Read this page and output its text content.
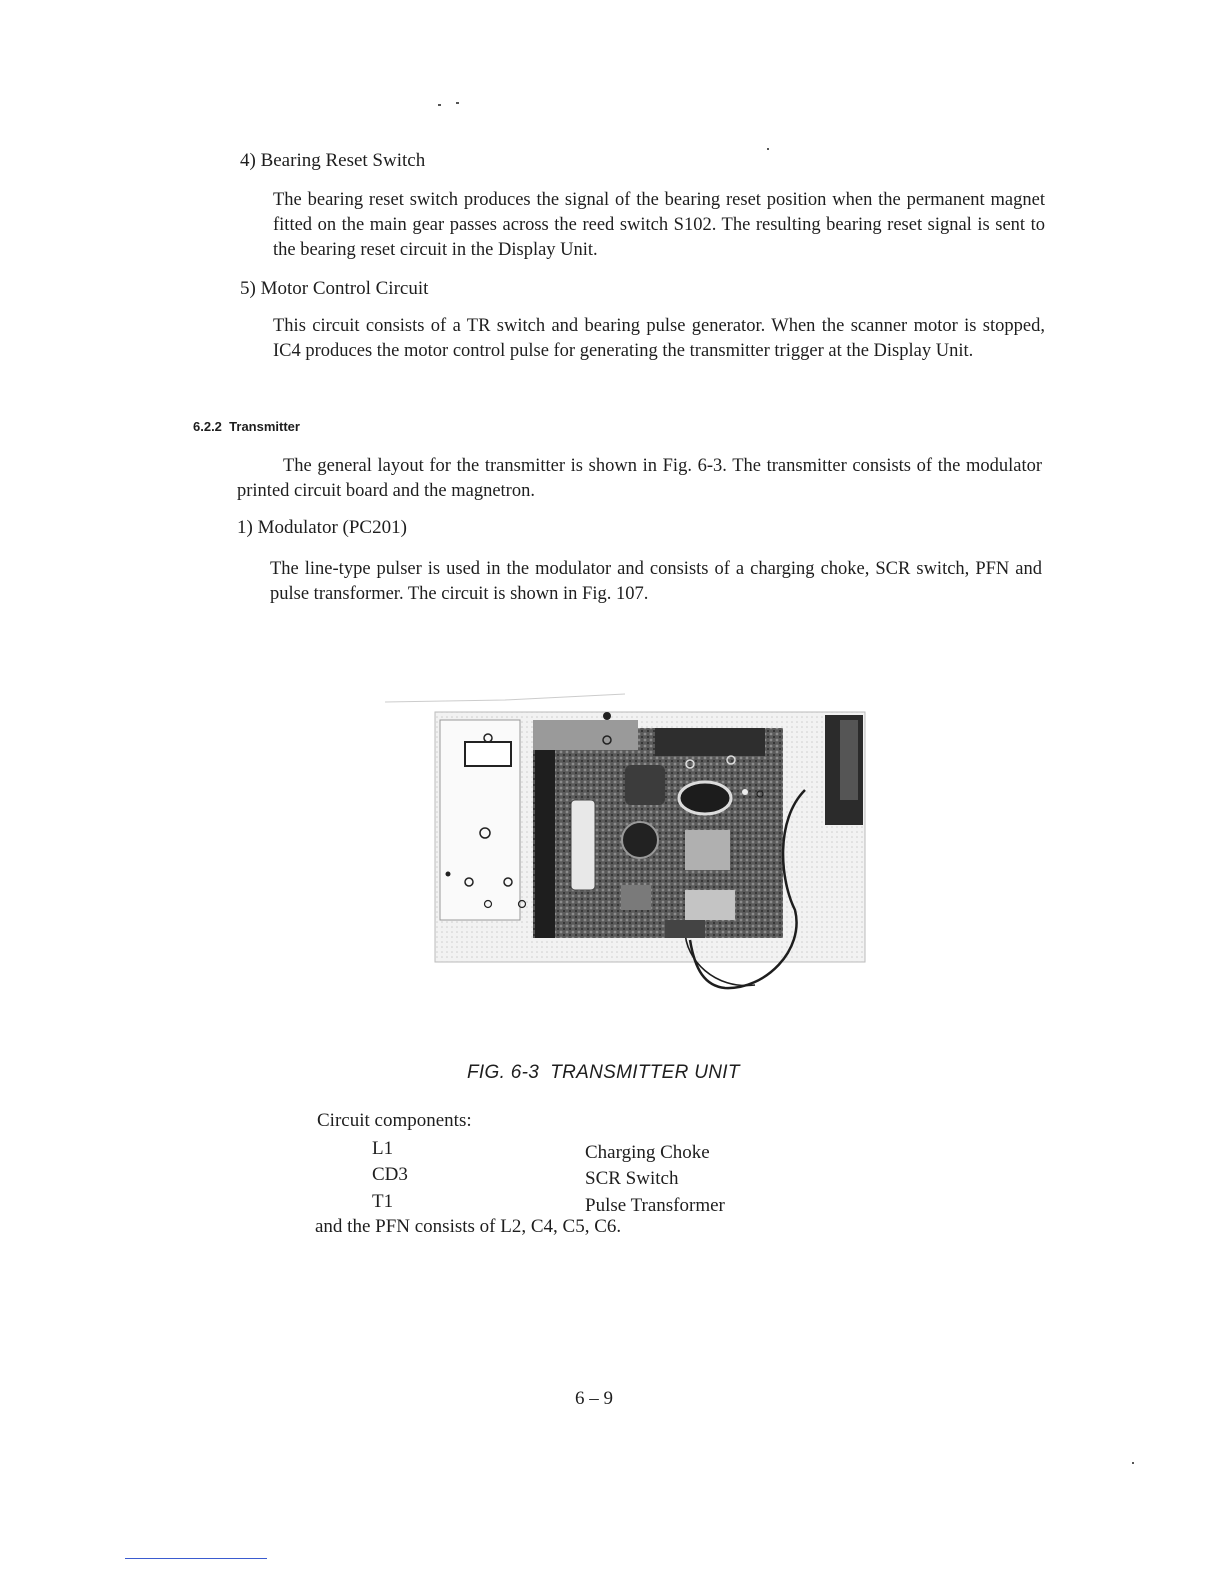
4) Bearing Reset Switch
The bearing reset switch produces the signal of the bearing reset position when the permanent magnet fitted on the main gear passes across the reed switch S102. The resulting bearing reset signal is sent to the bearing reset circuit in the Display Unit.
5) Motor Control Circuit
This circuit consists of a TR switch and bearing pulse generator. When the scanner motor is stopped, IC4 produces the motor control pulse for generating the transmitter trigger at the Display Unit.
6.2.2 Transmitter
The general layout for the transmitter is shown in Fig. 6-3. The transmitter consists of the modulator printed circuit board and the magnetron.
1) Modulator (PC201)
The line-type pulser is used in the modulator and consists of a charging choke, SCR switch, PFN and pulse transformer. The circuit is shown in Fig. 107.
FIG. 6-3  TRANSMITTER UNIT
Circuit components:
L1	Charging Choke
CD3	SCR Switch
T1	Pulse Transformer
and the PFN consists of L2, C4, C5, C6.
6 – 9
